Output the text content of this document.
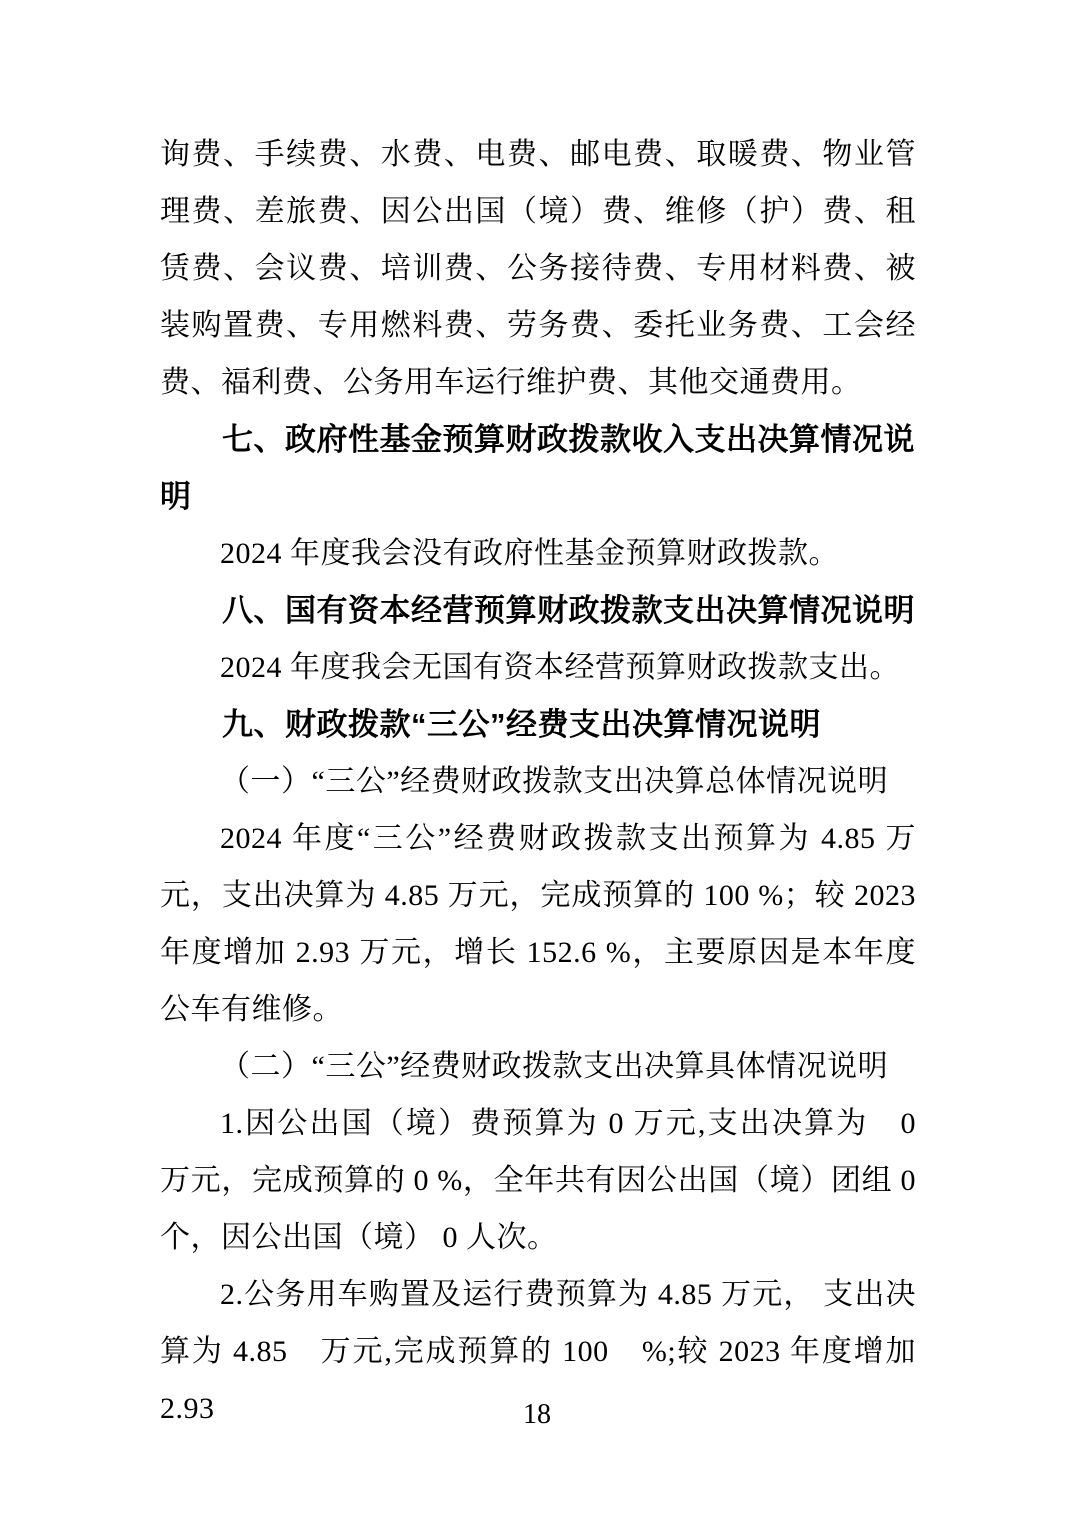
询费、手续费、水费、电费、邮电费、取暖费、物业管理费、差旅费、因公出国（境）费、维修（护）费、租赁费、会议费、培训费、公务接待费、专用材料费、被装购置费、专用燃料费、劳务费、委托业务费、工会经费、福利费、公务用车运行维护费、其他交通费用。

七、政府性基金预算财政拨款收入支出决算情况说明

2024 年度我会没有政府性基金预算财政拨款。

八、国有资本经营预算财政拨款支出决算情况说明

2024 年度我会无国有资本经营预算财政拨款支出。

九、财政拨款“三公”经费支出决算情况说明

（一）“三公”经费财政拨款支出决算总体情况说明

2024 年度“三公”经费财政拨款支出预算为 4.85 万元，支出决算为 4.85 万元，完成预算的 100 %；较 2023 年度增加 2.93 万元，增长 152.6 %，主要原因是本年度公车有维修。

（二）“三公”经费财政拨款支出决算具体情况说明

1.因公出国（境）费预算为 0 万元,支出决算为　0 万元，完成预算的 0 %，全年共有因公出国（境）团组 0 个，因公出国（境） 0 人次。

2.公务用车购置及运行费预算为 4.85 万元， 支出决算为 4.85　万元,完成预算的 100　%;较 2023 年度增加 2.93	18
